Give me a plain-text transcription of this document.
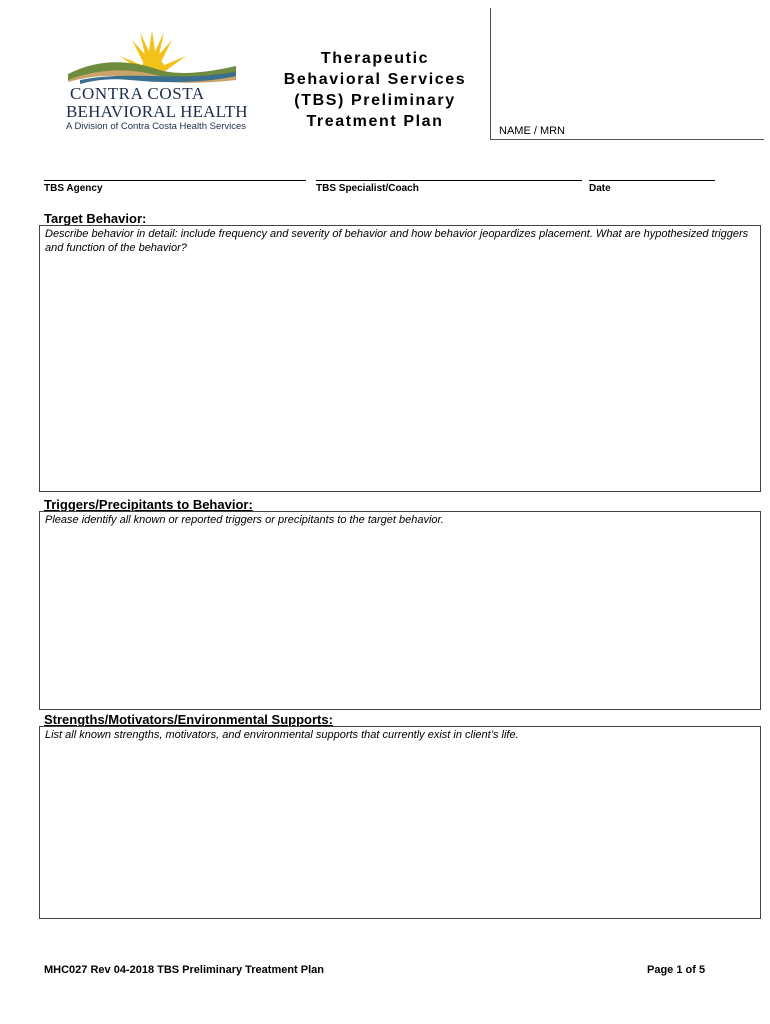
CONTRA COSTA
BEHAVIORAL HEALTH
A Division of Contra Costa Health Services
Therapeutic Behavioral Services (TBS) Preliminary Treatment Plan
NAME / MRN
TBS Agency	TBS Specialist/Coach	Date
Target Behavior:
Describe behavior in detail: include frequency and severity of behavior and how behavior jeopardizes placement. What are hypothesized triggers and function of the behavior?
Triggers/Precipitants to Behavior:
Please identify all known or reported triggers or precipitants to the target behavior.
Strengths/Motivators/Environmental Supports:
List all known strengths, motivators, and environmental supports that currently exist in client’s life.
MHC027 Rev 04-2018 TBS Preliminary Treatment Plan	Page 1 of 5
